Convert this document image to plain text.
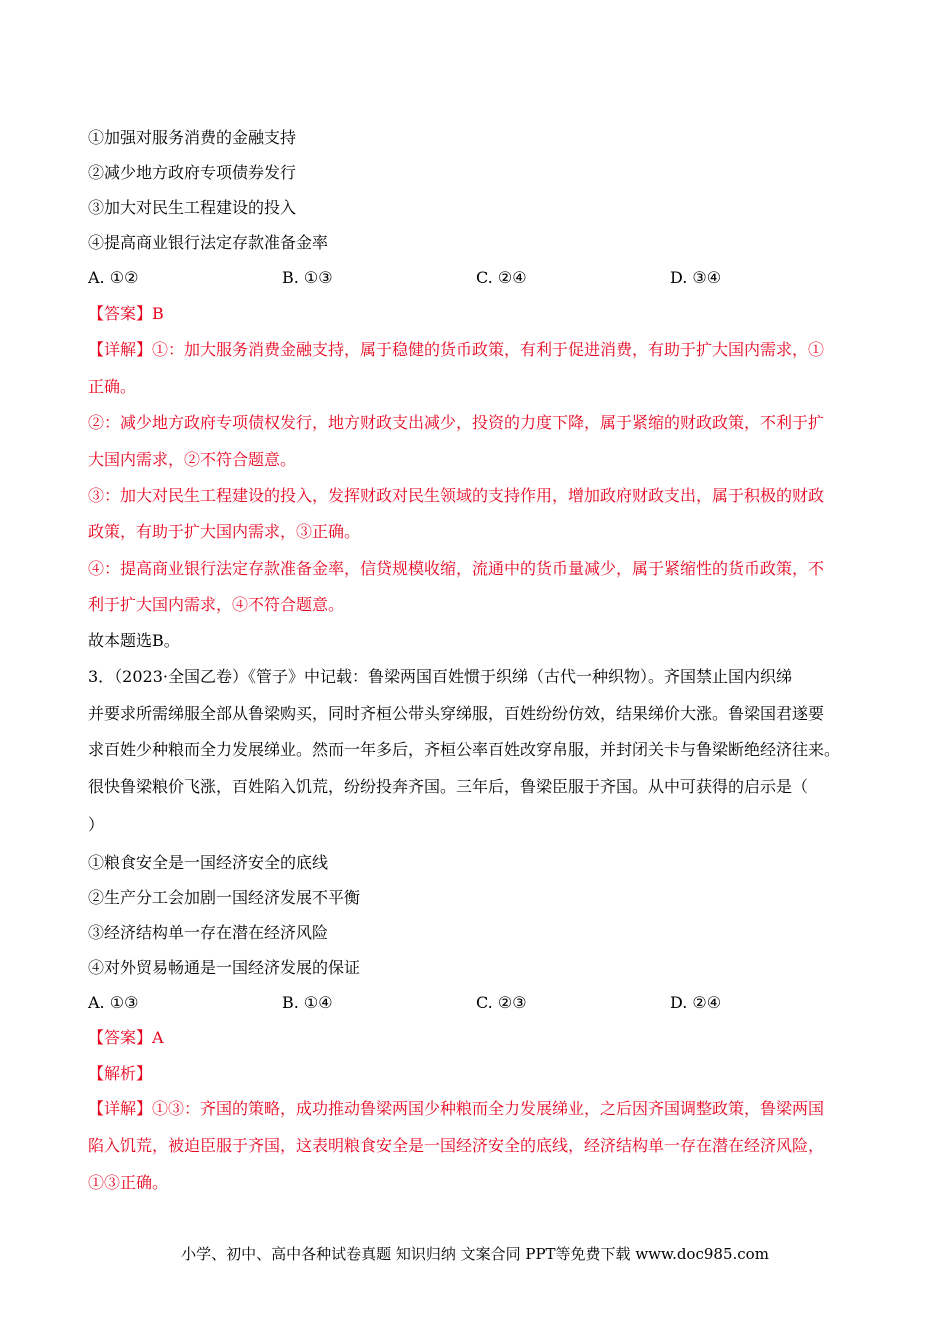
①加强对服务消费的金融支持
②减少地方政府专项债券发行
③加大对民生工程建设的投入
④提高商业银行法定存款准备金率
A. ①②	B. ①③	C. ②④	D. ③④
【答案】B
【详解】①：加大服务消费金融支持，属于稳健的货币政策，有利于促进消费，有助于扩大国内需求，①
正确。
②：减少地方政府专项债权发行，地方财政支出减少，投资的力度下降，属于紧缩的财政政策，不利于扩
大国内需求，②不符合题意。
③：加大对民生工程建设的投入，发挥财政对民生领域的支持作用，增加政府财政支出，属于积极的财政
政策，有助于扩大国内需求，③正确。
④：提高商业银行法定存款准备金率，信贷规模收缩，流通中的货币量减少，属于紧缩性的货币政策，不
利于扩大国内需求，④不符合题意。
故本题选B。
3．（2023·全国乙卷）《管子》中记载：鲁梁两国百姓惯于织绨（古代一种织物）。齐国禁止国内织绨
并要求所需绨服全部从鲁梁购买，同时齐桓公带头穿绨服，百姓纷纷仿效，结果绨价大涨。鲁梁国君遂要
求百姓少种粮而全力发展绨业。然而一年多后，齐桓公率百姓改穿帛服，并封闭关卡与鲁梁断绝经济往来。
很快鲁梁粮价飞涨，百姓陷入饥荒，纷纷投奔齐国。三年后，鲁梁臣服于齐国。从中可获得的启示是（
）
①粮食安全是一国经济安全的底线
②生产分工会加剧一国经济发展不平衡
③经济结构单一存在潜在经济风险
④对外贸易畅通是一国经济发展的保证
A. ①③	B. ①④	C. ②③	D. ②④
【答案】A
【解析】
【详解】①③：齐国的策略，成功推动鲁梁两国少种粮而全力发展绨业，之后因齐国调整政策，鲁梁两国
陷入饥荒，被迫臣服于齐国，这表明粮食安全是一国经济安全的底线，经济结构单一存在潜在经济风险，
①③正确。
小学、初中、高中各种试卷真题 知识归纳 文案合同 PPT等免费下载 www.doc985.com
